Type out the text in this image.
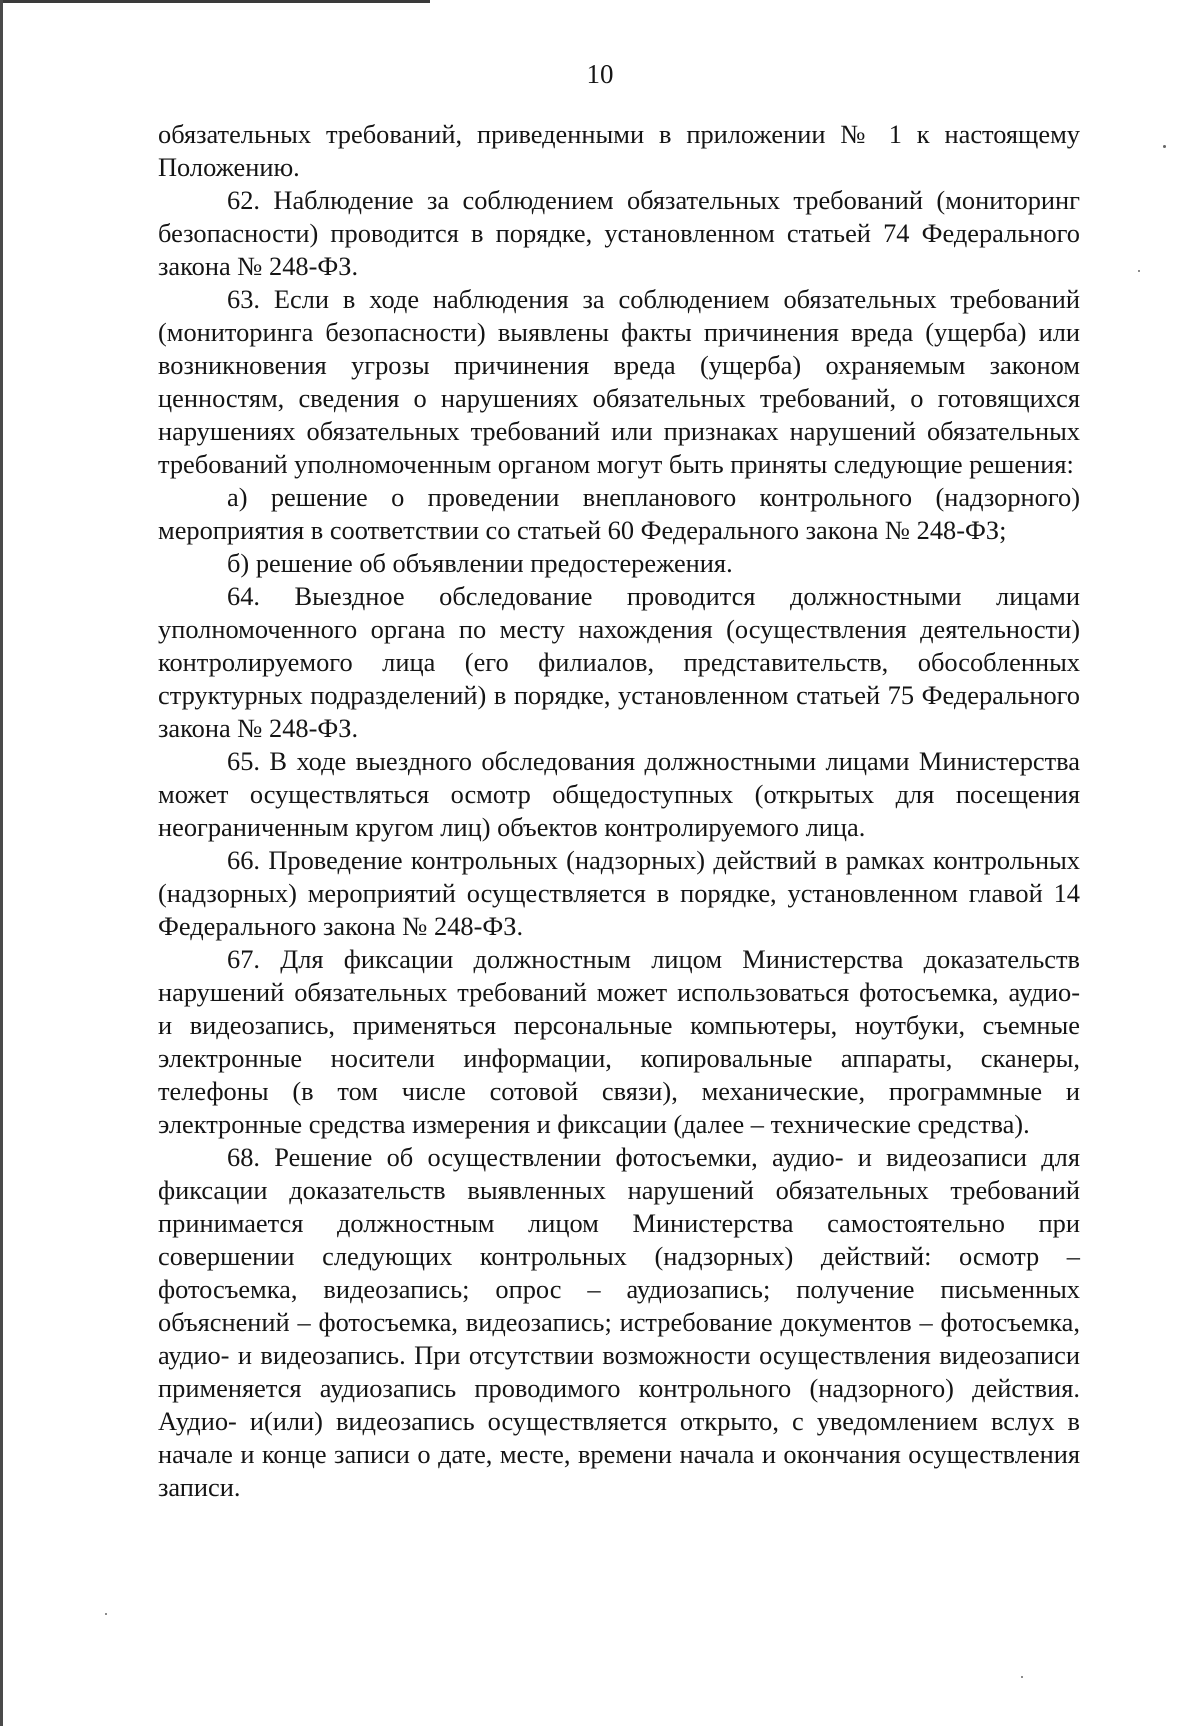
10

обязательных требований, приведенными в приложении № 1 к настоящему Положению.

62. Наблюдение за соблюдением обязательных требований (мониторинг безопасности) проводится в порядке, установленном статьей 74 Федерального закона № 248-ФЗ.

63. Если в ходе наблюдения за соблюдением обязательных требований (мониторинга безопасности) выявлены факты причинения вреда (ущерба) или возникновения угрозы причинения вреда (ущерба) охраняемым законом ценностям, сведения о нарушениях обязательных требований, о готовящихся нарушениях обязательных требований или признаках нарушений обязательных требований уполномоченным органом могут быть приняты следующие решения:

а) решение о проведении внепланового контрольного (надзорного) мероприятия в соответствии со статьей 60 Федерального закона № 248-ФЗ;

б) решение об объявлении предостережения.

64. Выездное обследование проводится должностными лицами уполномоченного органа по месту нахождения (осуществления деятельности) контролируемого лица (его филиалов, представительств, обособленных структурных подразделений) в порядке, установленном статьей 75 Федерального закона № 248-ФЗ.

65. В ходе выездного обследования должностными лицами Министерства может осуществляться осмотр общедоступных (открытых для посещения неограниченным кругом лиц) объектов контролируемого лица.

66. Проведение контрольных (надзорных) действий в рамках контрольных (надзорных) мероприятий осуществляется в порядке, установленном главой 14 Федерального закона № 248-ФЗ.

67. Для фиксации должностным лицом Министерства доказательств нарушений обязательных требований может использоваться фотосъемка, аудио- и видеозапись, применяться персональные компьютеры, ноутбуки, съемные электронные носители информации, копировальные аппараты, сканеры, телефоны (в том числе сотовой связи), механические, программные и электронные средства измерения и фиксации (далее – технические средства).

68. Решение об осуществлении фотосъемки, аудио- и видеозаписи для фиксации доказательств выявленных нарушений обязательных требований принимается должностным лицом Министерства самостоятельно при совершении следующих контрольных (надзорных) действий: осмотр – фотосъемка, видеозапись; опрос – аудиозапись; получение письменных объяснений – фотосъемка, видеозапись; истребование документов – фотосъемка, аудио- и видеозапись. При отсутствии возможности осуществления видеозаписи применяется аудиозапись проводимого контрольного (надзорного) действия. Аудио- и(или) видеозапись осуществляется открыто, с уведомлением вслух в начале и конце записи о дате, месте, времени начала и окончания осуществления записи.
